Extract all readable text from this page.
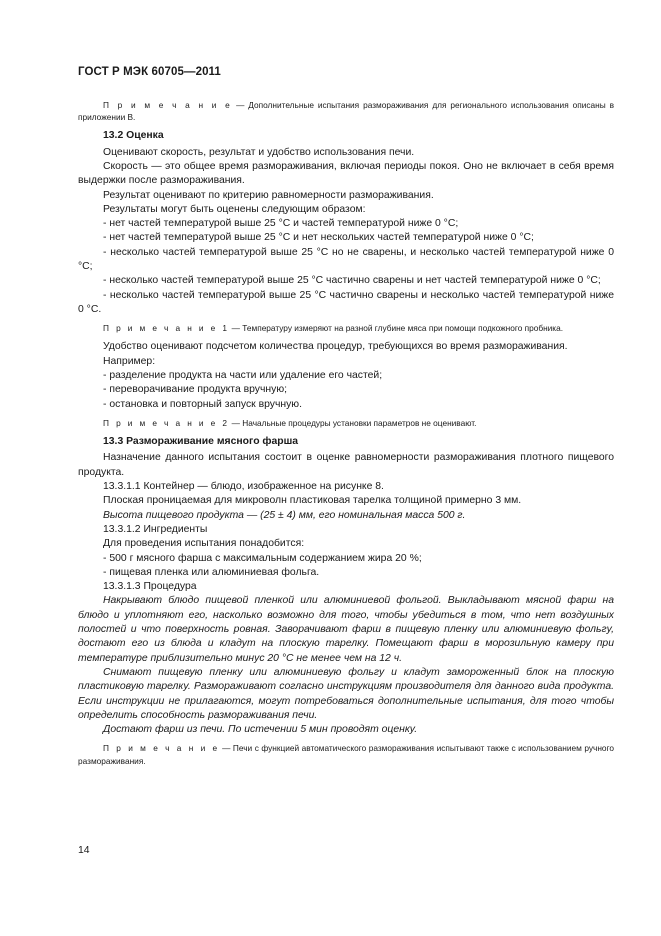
ГОСТ Р МЭК 60705—2011

П р и м е ч а н и е — Дополнительные испытания размораживания для регионального использования описаны в приложении В.

13.2 Оценка

Оценивают скорость, результат и удобство использования печи.

Скорость — это общее время размораживания, включая периоды покоя. Оно не включает в себя время выдержки после размораживания.

Результат оценивают по критерию равномерности размораживания.

Результаты могут быть оценены следующим образом:

- нет частей температурой выше 25 °С и частей температурой ниже 0 °С;

- нет частей температурой выше 25 °С и нет нескольких частей температурой ниже 0 °С;

- несколько частей температурой выше 25 °С но не сварены, и несколько частей температурой ниже 0 °С;

- несколько частей температурой выше 25 °С частично сварены и нет частей температурой ниже 0 °С;

- несколько частей температурой выше 25 °С частично сварены и несколько частей температурой ниже 0 °С.

П р и м е ч а н и е 1 — Температуру измеряют на разной глубине мяса при помощи подкожного пробника.

Удобство оценивают подсчетом количества процедур, требующихся во время размораживания.

Например:

- разделение продукта на части или удаление его частей;

- переворачивание продукта вручную;

- остановка и повторный запуск вручную.

П р и м е ч а н и е 2 — Начальные процедуры установки параметров не оценивают.

13.3 Размораживание мясного фарша

Назначение данного испытания состоит в оценке равномерности размораживания плотного пищевого продукта.

13.3.1.1 Контейнер — блюдо, изображенное на рисунке 8.

Плоская проницаемая для микроволн пластиковая тарелка толщиной примерно 3 мм.

Высота пищевого продукта — (25 ± 4) мм, его номинальная масса 500 г.

13.3.1.2 Ингредиенты

Для проведения испытания понадобится:

- 500 г мясного фарша с максимальным содержанием жира 20 %;

- пищевая пленка или алюминиевая фольга.

13.3.1.3 Процедура

Накрывают блюдо пищевой пленкой или алюминиевой фольгой. Выкладывают мясной фарш на блюдо и уплотняют его, насколько возможно для того, чтобы убедиться в том, что нет воздушных полостей и что поверхность ровная. Заворачивают фарш в пищевую пленку или алюминиевую фольгу, достают его из блюда и кладут на плоскую тарелку. Помещают фарш в морозильную камеру при температуре приблизительно минус 20 °С не менее чем на 12 ч.

Снимают пищевую пленку или алюминиевую фольгу и кладут замороженный блок на плоскую пластиковую тарелку. Размораживают согласно инструкциям производителя для данного вида продукта. Если инструкции не прилагаются, могут потребоваться дополнительные испытания, для того чтобы определить способность размораживания печи.

Достают фарш из печи. По истечении 5 мин проводят оценку.

П р и м е ч а н и е — Печи с функцией автоматического размораживания испытывают также с использованием ручного размораживания.

14
